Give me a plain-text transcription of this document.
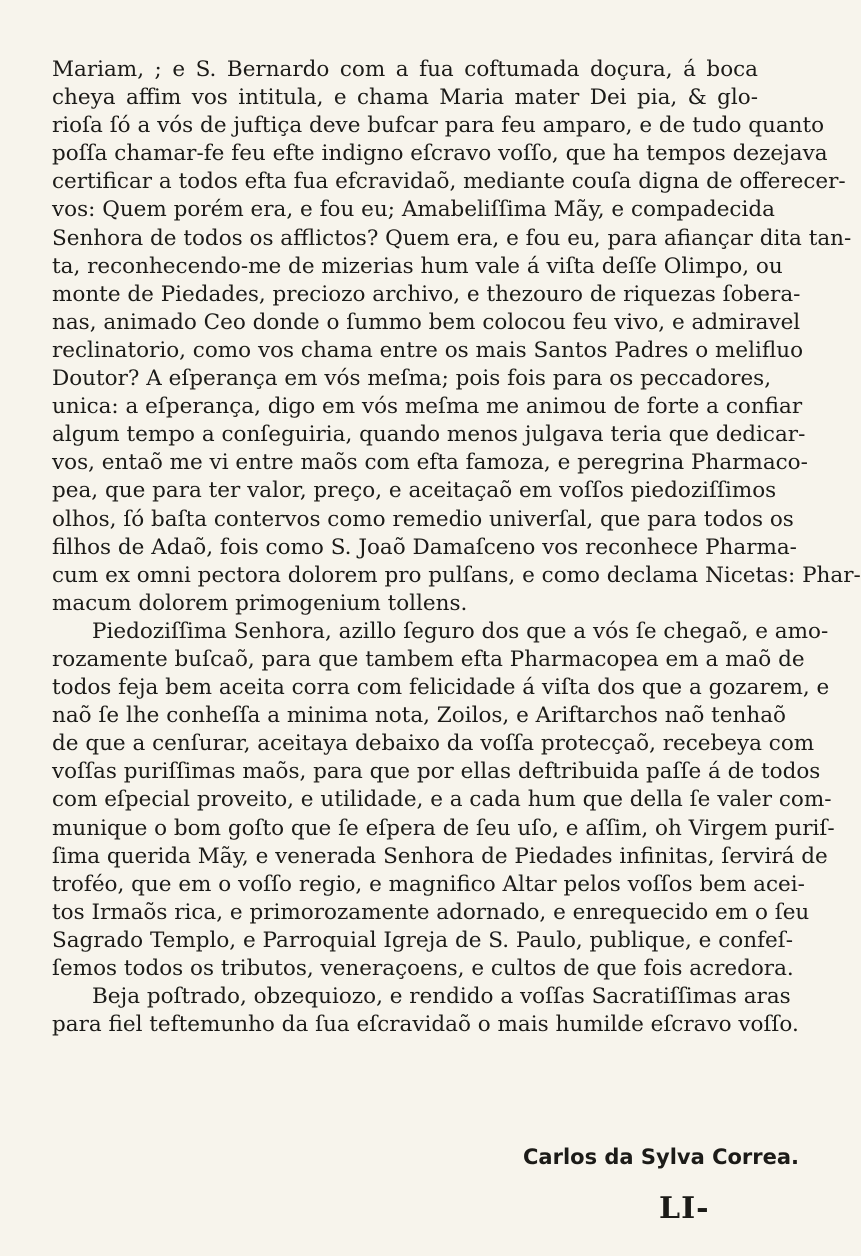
Mariam, ; e S. Bernardo com a fua coftumada doçura, á boca
cheya affim vos intitula, e chama Maria mater Dei pia, & glo-
rioſa ſó a vós de juftiça deve bufcar para feu amparo, e de tudo quanto
poſſa chamar-fe feu efte indigno eſcravo voſſo, que ha tempos dezejava
certificar a todos efta fua efcravidaõ, mediante couſa digna de offerecer-
vos: Quem porém era, e fou eu; Amabeliſſima Mãy, e compadecida
Senhora de todos os afflictos? Quem era, e fou eu, para afiançar dita tan-
ta, reconhecendo-me de mizerias hum vale á viſta deſſe Olimpo, ou
monte de Piedades, preciozo archivo, e thezouro de riquezas ſobera-
nas, animado Ceo donde o ſummo bem colocou feu vivo, e admiravel
reclinatorio, como vos chama entre os mais Santos Padres o melifluo
Doutor? A eſperança em vós meſma; pois fois para os peccadores,
unica: a eſperança, digo em vós meſma me animou de forte a confiar
algum tempo a conſeguiria, quando menos julgava teria que dedicar-
vos, entaõ me vi entre maõs com efta famoza, e peregrina Pharmaco-
pea, que para ter valor, preço, e aceitaçaõ em voſſos piedoziſſimos
olhos, ſó baſta contervos como remedio univerſal, que para todos os
filhos de Adaõ, fois como S. Joaõ Damaſceno vos reconhece Pharma-
cum ex omni pectora dolorem pro pulſans, e como declama Nicetas: Phar-
macum dolorem primogenium tollens.
Piedoziſſima Senhora, azillo ſeguro dos que a vós ſe chegaõ, e amo-
rozamente buſcaõ, para que tambem efta Pharmacopea em a maõ de
todos feja bem aceita corra com felicidade á viſta dos que a gozarem, e
naõ ſe lhe conheſſa a minima nota, Zoilos, e Ariftarchos naõ tenhaõ
de que a cenſurar, aceitaya debaixo da voſſa protecçaõ, recebeya com
voſſas puriſſimas maõs, para que por ellas deftribuida paſſe á de todos
com eſpecial proveito, e utilidade, e a cada hum que della ſe valer com-
munique o bom goſto que ſe eſpera de ſeu uſo, e aſſim, oh Virgem puriſ-
ſima querida Mãy, e venerada Senhora de Piedades infinitas, ſervirá de
troféo, que em o voſſo regio, e magnifico Altar pelos voſſos bem acei-
tos Irmaõs rica, e primorozamente adornado, e enrequecido em o ſeu
Sagrado Templo, e Parroquial Igreja de S. Paulo, publique, e confeſ-
ſemos todos os tributos, veneraçoens, e cultos de que fois acredora.
Beja poſtrado, obzequiozo, e rendido a voſſas Sacratiſſimas aras
para fiel teftemunho da ſua eſcravidaõ o mais humilde eſcravo voſſo.
Carlos da Sylva Correa.
LI-
